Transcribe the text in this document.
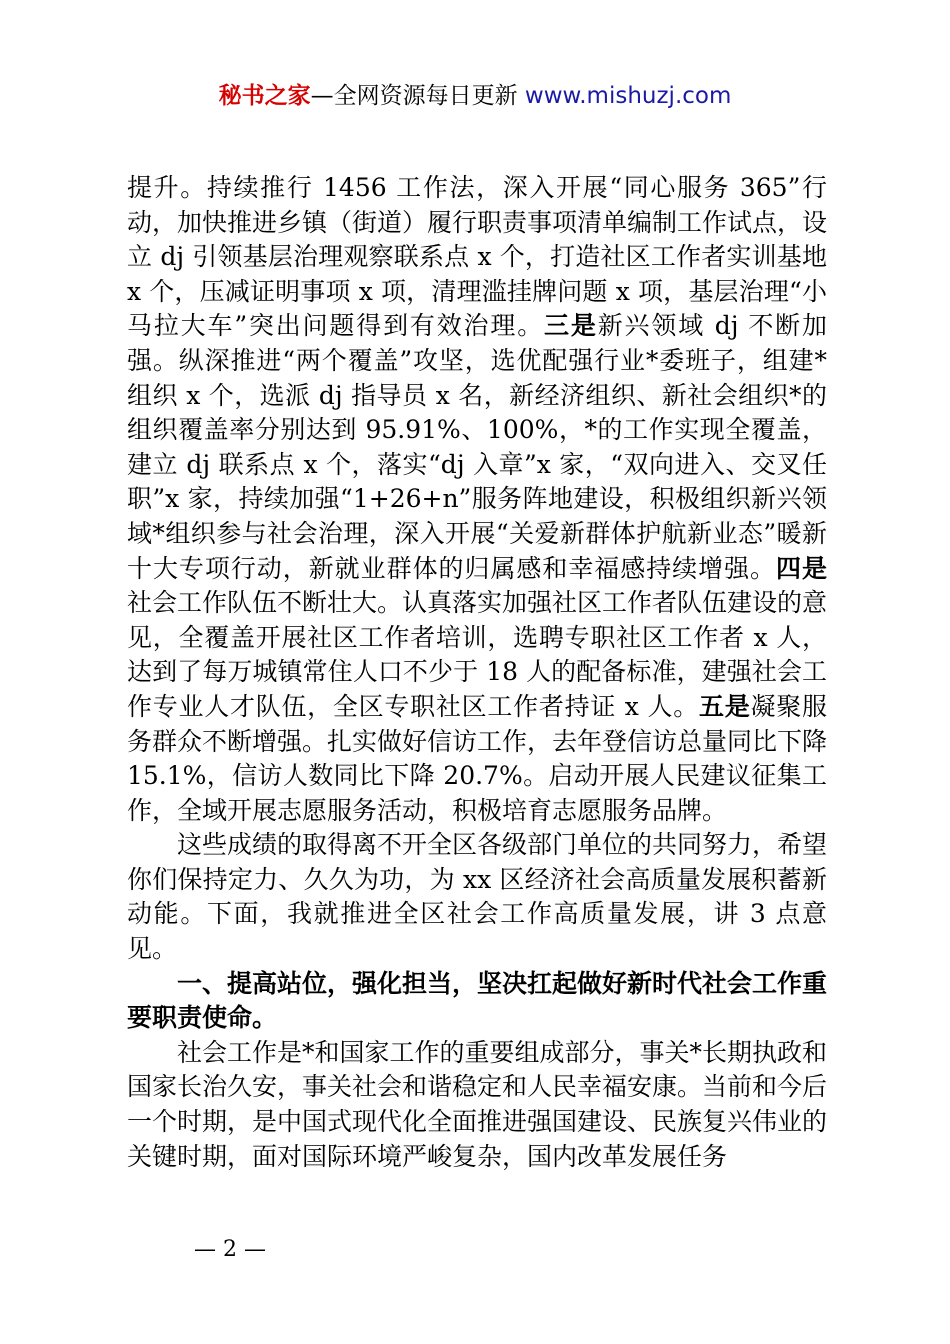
秘书之家—全网资源每日更新 www.mishuzj.com

提升。持续推行 1456 工作法，深入开展“同心服务 365”行动，加快推进乡镇（街道）履行职责事项清单编制工作试点，设立 dj 引领基层治理观察联系点 x 个，打造社区工作者实训基地 x 个，压减证明事项 x 项，清理滥挂牌问题 x 项，基层治理“小马拉大车”突出问题得到有效治理。三是新兴领域 dj 不断加强。纵深推进“两个覆盖”攻坚，选优配强行业*委班子，组建*组织 x 个，选派 dj 指导员 x 名，新经济组织、新社会组织*的组织覆盖率分别达到 95.91%、100%，*的工作实现全覆盖，建立 dj 联系点 x 个，落实“dj 入章”x 家，“双向进入、交叉任职”x 家，持续加强“1+26+n”服务阵地建设，积极组织新兴领域*组织参与社会治理，深入开展“关爱新群体护航新业态”暖新十大专项行动，新就业群体的归属感和幸福感持续增强。四是社会工作队伍不断壮大。认真落实加强社区工作者队伍建设的意见，全覆盖开展社区工作者培训，选聘专职社区工作者 x 人，达到了每万城镇常住人口不少于 18 人的配备标准，建强社会工作专业人才队伍，全区专职社区工作者持证 x 人。五是凝聚服务群众不断增强。扎实做好信访工作，去年登信访总量同比下降 15.1%，信访人数同比下降 20.7%。启动开展人民建议征集工作，全域开展志愿服务活动，积极培育志愿服务品牌。

这些成绩的取得离不开全区各级部门单位的共同努力，希望你们保持定力、久久为功，为 xx 区经济社会高质量发展积蓄新动能。下面，我就推进全区社会工作高质量发展，讲 3 点意见。

一、提高站位，强化担当，坚决扛起做好新时代社会工作重要职责使命。

社会工作是*和国家工作的重要组成部分，事关*长期执政和国家长治久安，事关社会和谐稳定和人民幸福安康。当前和今后一个时期，是中国式现代化全面推进强国建设、民族复兴伟业的关键时期，面对国际环境严峻复杂，国内改革发展任务

— 2 —
